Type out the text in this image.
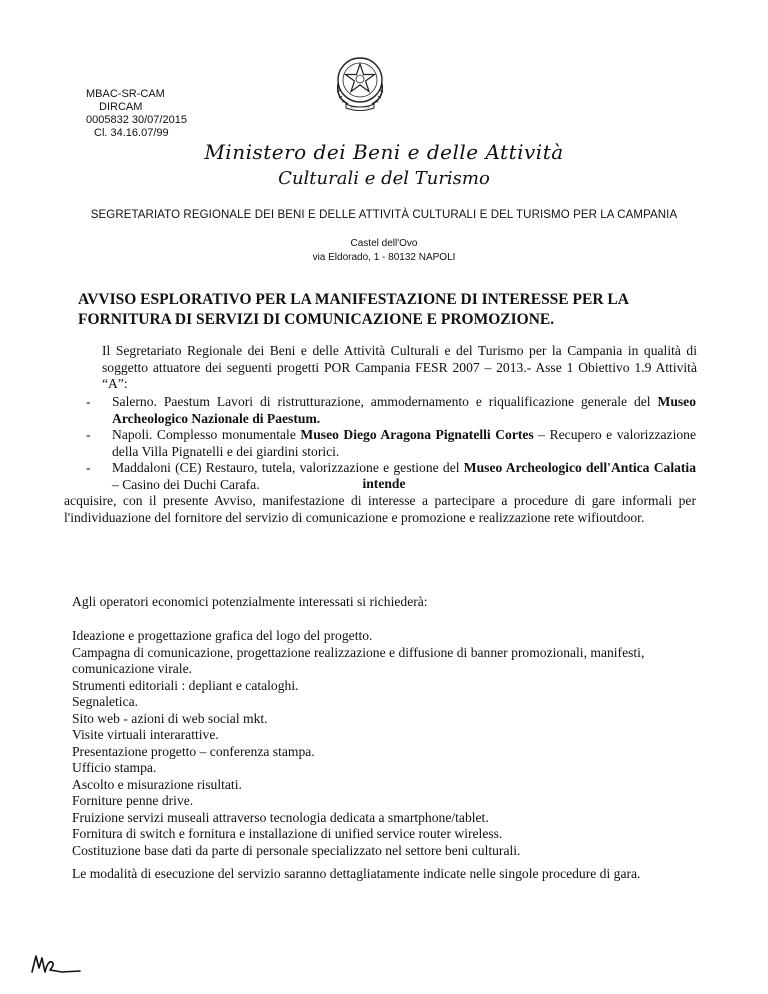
MBAC-SR-CAM
DIRCAM
0005832 30/07/2015
Cl. 34.16.07/99
Ministero dei Beni e delle Attività
Culturali e del Turismo
SEGRETARIATO REGIONALE DEI BENI E DELLE ATTIVITÀ CULTURALI E DEL TURISMO PER LA CAMPANIA
Castel dell'Ovo
via Eldorado, 1 - 80132 NAPOLI
AVVISO ESPLORATIVO PER LA MANIFESTAZIONE DI INTERESSE PER LA FORNITURA DI SERVIZI DI COMUNICAZIONE E PROMOZIONE.
Il Segretariato Regionale dei Beni e delle Attività Culturali e del Turismo per la Campania in qualità di soggetto attuatore dei seguenti progetti POR Campania FESR 2007 – 2013.- Asse 1 Obiettivo 1.9 Attività “A”:
- Salerno. Paestum Lavori di ristrutturazione, ammodernamento e riqualificazione generale del Museo Archeologico Nazionale di Paestum.
- Napoli. Complesso monumentale Museo Diego Aragona Pignatelli Cortes – Recupero e valorizzazione della Villa Pignatelli e dei giardini storici.
- Maddaloni (CE) Restauro, tutela, valorizzazione e gestione del Museo Archeologico dell'Antica Calatia – Casino dei Duchi Carafa.	intende
acquisire, con il presente Avviso, manifestazione di interesse a partecipare a procedure di gare informali per l'individuazione del fornitore del servizio di comunicazione e promozione e realizzazione rete wifioutdoor.
Agli operatori economici potenzialmente interessati si richiederà:
Ideazione e progettazione grafica del logo del progetto.
Campagna di comunicazione, progettazione realizzazione e diffusione di banner promozionali, manifesti, comunicazione virale.
Strumenti editoriali : depliant e cataloghi.
Segnaletica.
Sito web - azioni di web social mkt.
Visite virtuali interarattive.
Presentazione progetto – conferenza stampa.
Ufficio stampa.
Ascolto e misurazione risultati.
Forniture penne drive.
Fruizione servizi museali attraverso tecnologia dedicata a smartphone/tablet.
Fornitura di switch e fornitura e installazione di unified service router wireless.
Costituzione base dati da parte di personale specializzato nel settore beni culturali.
Le modalità di esecuzione del servizio saranno dettagliatamente indicate nelle singole procedure di gara.
